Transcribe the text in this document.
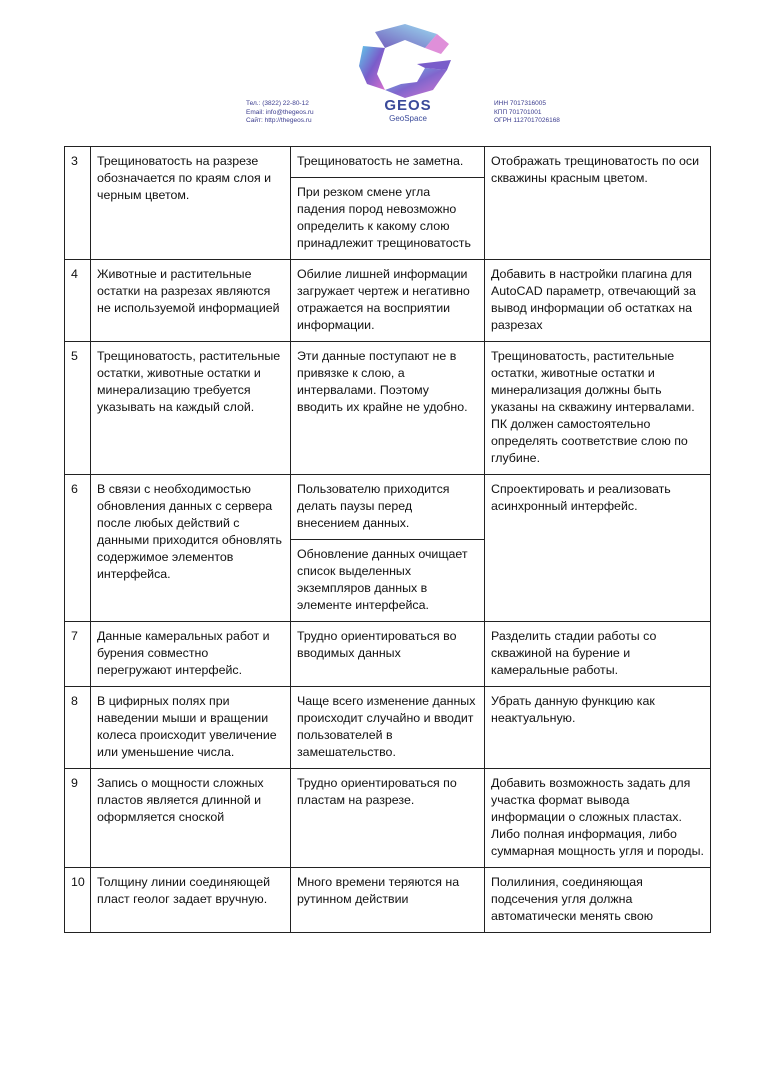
Тел.: (3822) 22-80-12
Email: info@thegeos.ru
Сайт: http://thegeos.ru
GEOS
GeoSpace
ИНН 7017316005
КПП 701701001
ОГРН 1127017026168
3	Трещиноватость на разрезе обозначается по краям слоя и черным цветом.	Трещиноватость не заметна.	Отображать трещиноватость по оси скважины красным цветом.
		При резком смене угла падения пород невозможно определить к какому слою принадлежит трещиноватость	
4	Животные и растительные остатки на разрезах являются не используемой информацией	Обилие лишней информации загружает чертеж и негативно отражается на восприятии информации.	Добавить в настройки плагина для AutoCAD параметр, отвечающий за вывод информации об остатках на разрезах
5	Трещиноватость, растительные остатки, животные остатки и минерализацию требуется указывать на каждый слой.	Эти данные поступают не в привязке к слою, а интервалами. Поэтому вводить их крайне не удобно.	Трещиноватость, растительные остатки, животные остатки и минерализация должны быть указаны на скважину интервалами. ПК должен самостоятельно определять соответствие слою по глубине.
6	В связи с необходимостью обновления данных с сервера после любых действий с данными приходится обновлять содержимое элементов интерфейса.	Пользователю приходится делать паузы перед внесением данных.	Спроектировать и реализовать асинхронный интерфейс.
		Обновление данных очищает список выделенных экземпляров данных в элементе интерфейса.	
7	Данные камеральных работ и бурения совместно перегружают интерфейс.	Трудно ориентироваться во вводимых данных	Разделить стадии работы со скважиной на бурение и камеральные работы.
8	В цифирных полях при наведении мыши и вращении колеса происходит увеличение или уменьшение числа.	Чаще всего изменение данных происходит случайно и вводит пользователей в замешательство.	Убрать данную функцию как неактуальную.
9	Запись о мощности сложных пластов является длинной и оформляется сноской	Трудно ориентироваться по пластам на разрезе.	Добавить возможность задать для участка формат вывода информации о сложных пластах. Либо полная информация, либо суммарная мощность угля и породы.
10	Толщину линии соединяющей пласт геолог задает вручную.	Много времени теряются на рутинном действии	Полилиния, соединяющая подсечения угля должна автоматически менять свою
